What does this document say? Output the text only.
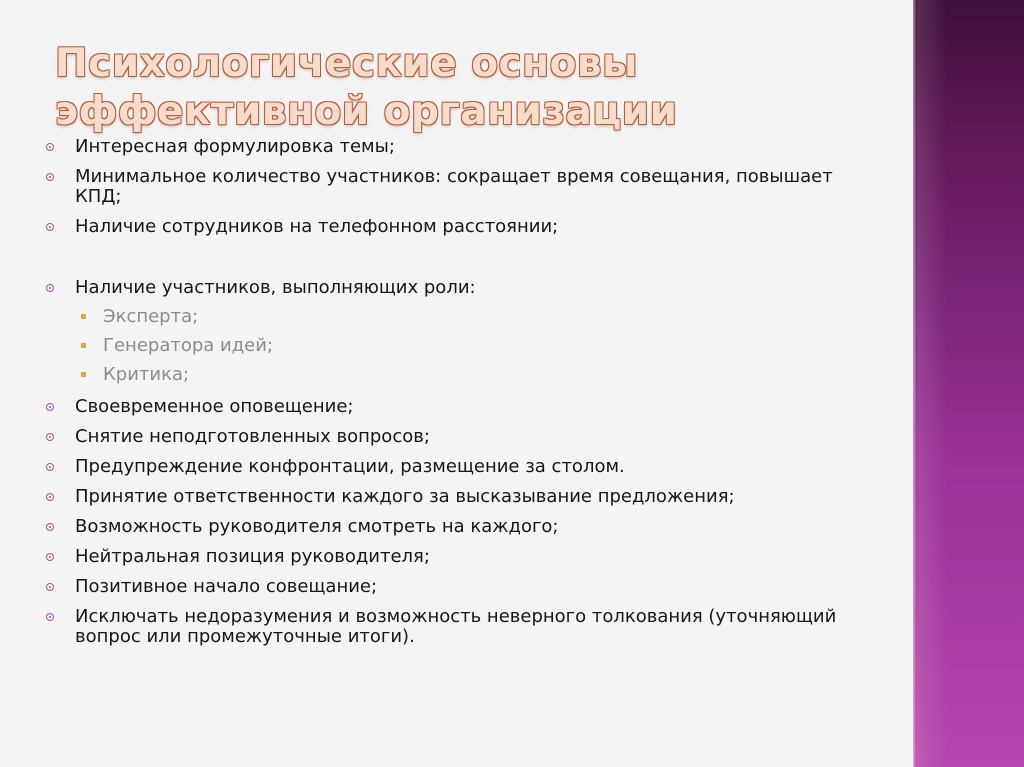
Психологические основы
эффективной организации
Интересная формулировка темы;
Минимальное количество участников: сокращает время совещания, повышает КПД;
Наличие сотрудников на телефонном расстоянии;
Наличие участников, выполняющих роли:
Эксперта;
Генератора идей;
Критика;
Своевременное оповещение;
Снятие неподготовленных вопросов;
Предупреждение конфронтации, размещение за столом.
Принятие ответственности каждого за высказывание предложения;
Возможность руководителя смотреть на каждого;
Нейтральная позиция руководителя;
Позитивное начало совещание;
Исключать недоразумения и возможность неверного толкования (уточняющий вопрос или промежуточные итоги).
